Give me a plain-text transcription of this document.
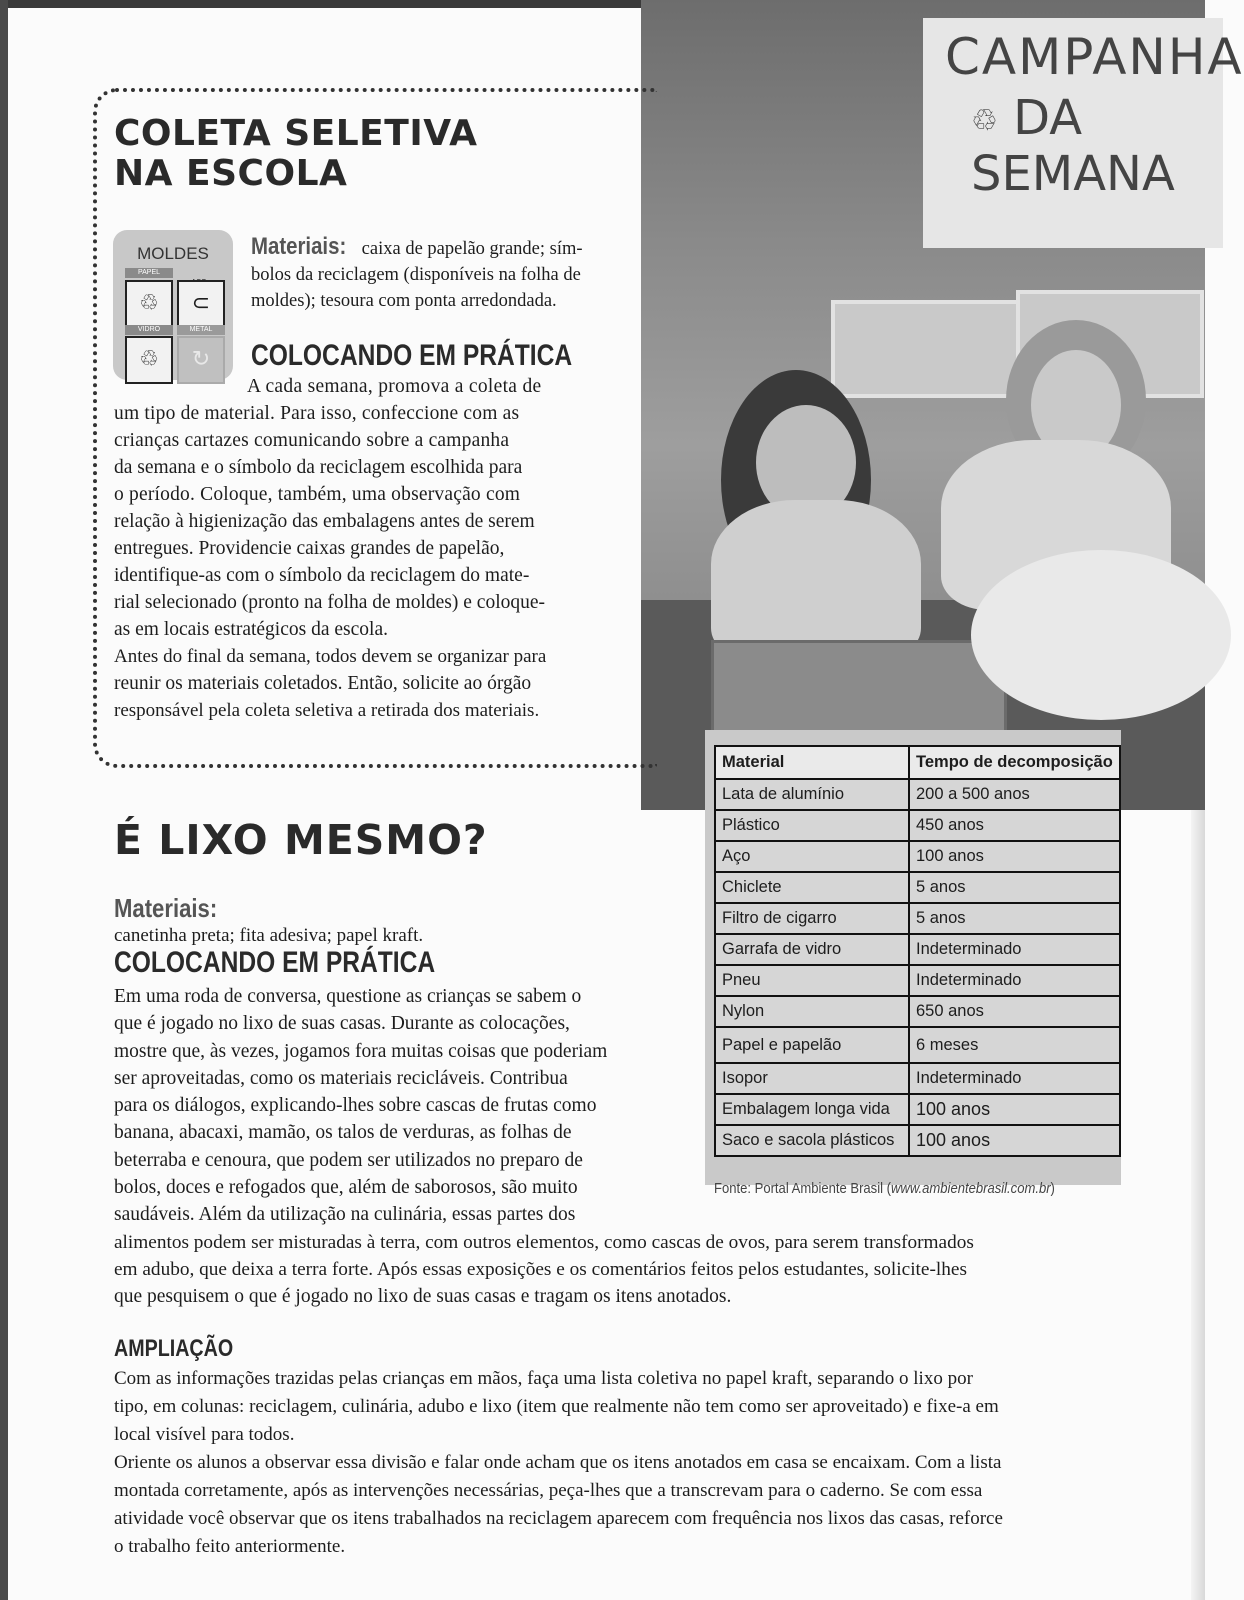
CAMPANHA
♲ DA SEMANA
COLETA SELETIVA
NA ESCOLA
MOLDES
PAPEL
♲	⊂
VIDRO	METAL
♲	↻
Materiais: caixa de papelão grande; sím-
bolos da reciclagem (disponíveis na folha de
moldes); tesoura com ponta arredondada.
COLOCANDO EM PRÁTICA
A cada semana, promova a coleta de
um tipo de material. Para isso, confeccione com as
crianças cartazes comunicando sobre a campanha
da semana e o símbolo da reciclagem escolhida para
o período. Coloque, também, uma observação com
relação à higienização das embalagens antes de serem
entregues. Providencie caixas grandes de papelão,
identifique-as com o símbolo da reciclagem do mate-
rial selecionado (pronto na folha de moldes) e coloque-
as em locais estratégicos da escola.
Antes do final da semana, todos devem se organizar para
reunir os materiais coletados. Então, solicite ao órgão
responsável pela coleta seletiva a retirada dos materiais.
Material	Tempo de decomposição
Lata de alumínio	200 a 500 anos
Plástico	450 anos
Aço	100 anos
Chiclete	5 anos
Filtro de cigarro	5 anos
Garrafa de vidro	Indeterminado
Pneu	Indeterminado
Nylon	650 anos
Papel e papelão	6 meses
Isopor	Indeterminado
Embalagem longa vida	100 anos
Saco e sacola plásticos	100 anos
Fonte: Portal Ambiente Brasil (www.ambientebrasil.com.br)
É LIXO MESMO?
Materiais:
canetinha preta; fita adesiva; papel kraft.
COLOCANDO EM PRÁTICA
Em uma roda de conversa, questione as crianças se sabem o
que é jogado no lixo de suas casas. Durante as colocações,
mostre que, às vezes, jogamos fora muitas coisas que poderiam
ser aproveitadas, como os materiais recicláveis. Contribua
para os diálogos, explicando-lhes sobre cascas de frutas como
banana, abacaxi, mamão, os talos de verduras, as folhas de
beterraba e cenoura, que podem ser utilizados no preparo de
bolos, doces e refogados que, além de saborosos, são muito
saudáveis. Além da utilização na culinária, essas partes dos
alimentos podem ser misturadas à terra, com outros elementos, como cascas de ovos, para serem transformados
em adubo, que deixa a terra forte. Após essas exposições e os comentários feitos pelos estudantes, solicite-lhes
que pesquisem o que é jogado no lixo de suas casas e tragam os itens anotados.
AMPLIAÇÃO
Com as informações trazidas pelas crianças em mãos, faça uma lista coletiva no papel kraft, separando o lixo por
tipo, em colunas: reciclagem, culinária, adubo e lixo (item que realmente não tem como ser aproveitado) e fixe-a em
local visível para todos.
Oriente os alunos a observar essa divisão e falar onde acham que os itens anotados em casa se encaixam. Com a lista
montada corretamente, após as intervenções necessárias, peça-lhes que a transcrevam para o caderno. Se com essa
atividade você observar que os itens trabalhados na reciclagem aparecem com frequência nos lixos das casas, reforce
o trabalho feito anteriormente.
